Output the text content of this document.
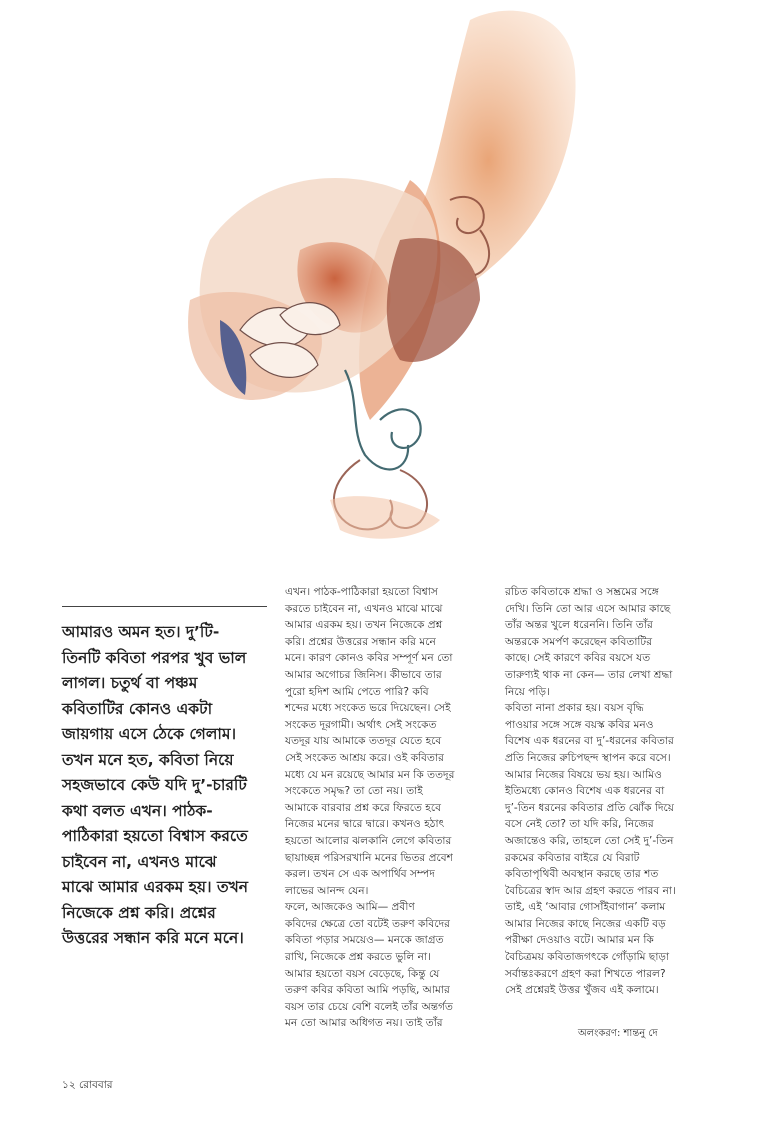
আমারও অমন হত। দু’টি-
তিনটি কবিতা পরপর খুব ভাল
লাগল। চতুর্থ বা পঞ্চম
কবিতাটির কোনও একটা
জায়গায় এসে ঠেকে গেলাম।
তখন মনে হত, কবিতা নিয়ে
সহজভাবে কেউ যদি দু’-চারটি
কথা বলত এখন। পাঠক-
পাঠিকারা হয়তো বিশ্বাস করতে
চাইবেন না, এখনও মাঝে
মাঝে আমার এরকম হয়। তখন
নিজেকে প্রশ্ন করি। প্রশ্নের
উত্তরের সন্ধান করি মনে মনে।

এখন। পাঠক-পাঠিকারা হয়তো বিশ্বাস
করতে চাইবেন না, এখনও মাঝে মাঝে
আমার এরকম হয়। তখন নিজেকে প্রশ্ন
করি। প্রশ্নের উত্তরের সন্ধান করি মনে
মনে। কারণ কোনও কবির সম্পূর্ণ মন তো
আমার অগোচর জিনিস। কীভাবে তার
পুরো হদিশ আমি পেতে পারি? কবি
শব্দের মধ্যে সংকেত ভরে দিয়েছেন। সেই
সংকেত দূরগামী। অর্থাৎ সেই সংকেত
যতদূর যায় আমাকে ততদূর যেতে হবে
সেই সংকেত আশ্রয় করে। ওই কবিতার
মধ্যে যে মন রয়েছে আমার মন কি ততদূর
সংকেতে সমৃদ্ধ? তা তো নয়। তাই
আমাকে বারবার প্রশ্ন করে ফিরতে হবে
নিজের মনের দ্বারে দ্বারে। কখনও হঠাৎ
হয়তো আলোর ঝলকানি লেগে কবিতার
ছায়াচ্ছন্ন পরিসরখানি মনের ভিতর প্রবেশ
করল। তখন সে এক অপার্থিব সম্পদ
লাভের আনন্দ যেন।

ফলে, আজকেও আমি— প্রবীণ
কবিদের ক্ষেত্রে তো বটেই তরুণ কবিদের
কবিতা পড়ার সময়েও— মনকে জাগ্রত
রাখি, নিজেকে প্রশ্ন করতে ভুলি না।
আমার হয়তো বয়স বেড়েছে, কিন্তু যে
তরুণ কবির কবিতা আমি পড়ছি, আমার
বয়স তার চেয়ে বেশি বলেই তাঁর অন্তর্গত
মন তো আমার অধিগত নয়। তাই তাঁর

রচিত কবিতাকে শ্রদ্ধা ও সম্ভ্রমের সঙ্গে
দেখি। তিনি তো আর এসে আমার কাছে
তাঁর অন্তর খুলে ধরেননি। তিনি তাঁর
অন্তরকে সমর্পণ করেছেন কবিতাটির
কাছে। সেই কারণে কবির বয়সে যত
তারুণ্যই থাক না কেন— তার লেখা শ্রদ্ধা
নিয়ে পড়ি।

কবিতা নানা প্রকার হয়। বয়স বৃদ্ধি
পাওয়ার সঙ্গে সঙ্গে বয়স্ক কবির মনও
বিশেষ এক ধরনের বা দু’-ধরনের কবিতার
প্রতি নিজের রুচিপছন্দ স্থাপন করে বসে।
আমার নিজের বিষয়ে ভয় হয়। আমিও
ইতিমধ্যে কোনও বিশেষ এক ধরনের বা
দু’-তিন ধরনের কবিতার প্রতি ঝোঁক দিয়ে
বসে নেই তো? তা যদি করি, নিজের
অজান্তেও করি, তাহলে তো সেই দু’-তিন
রকমের কবিতার বাইরে যে বিরাট
কবিতাপৃথিবী অবস্থান করছে তার শত
বৈচিত্রের স্বাদ আর গ্রহণ করতে পারব না।

তাই, এই ‘আবার গোসাঁইবাগান’ কলাম
আমার নিজের কাছে নিজের একটি বড়
পরীক্ষা দেওয়াও বটে। আমার মন কি
বৈচিত্রময় কবিতাজগৎকে গোঁড়ামি ছাড়া
সর্বান্তঃকরণে গ্রহণ করা শিখতে পারল?
সেই প্রশ্নেরই উত্তর খুঁজব এই কলামে।

অলংকরণ: শান্তনু দে
১২ রোববার
